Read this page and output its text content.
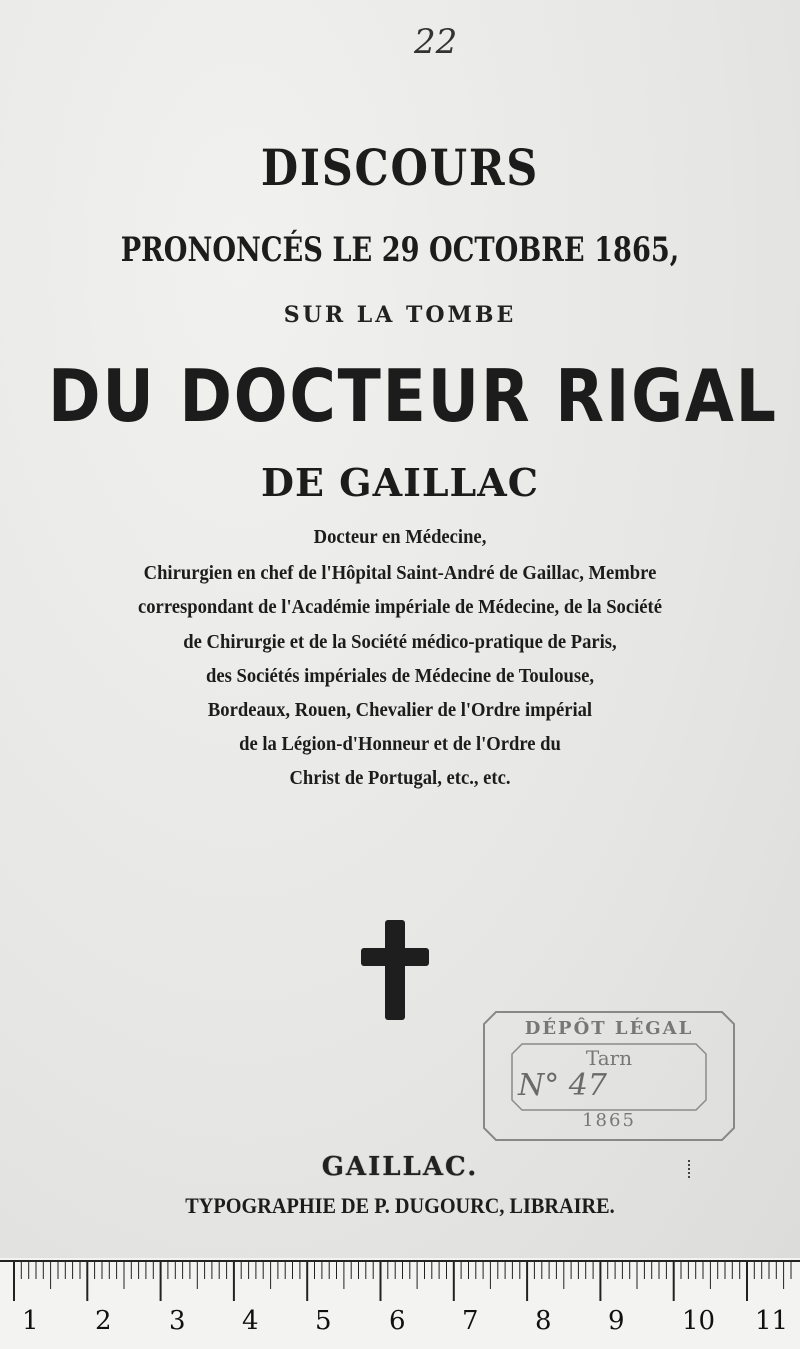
22
DISCOURS
PRONONCÉS LE 29 OCTOBRE 1865,
SUR LA TOMBE
DU DOCTEUR RIGAL
DE GAILLAC
Docteur en Médecine,
Chirurgien en chef de l'Hôpital Saint-André de Gaillac, Membre
correspondant de l'Académie impériale de Médecine, de la Société
de Chirurgie et de la Société médico-pratique de Paris,
des Sociétés impériales de Médecine de Toulouse,
Bordeaux, Rouen, Chevalier de l'Ordre impérial
de la Légion-d'Honneur et de l'Ordre du
Christ de Portugal, etc., etc.
DÉPÔT LÉGAL
Tarn
N° 47
1865
GAILLAC.
TYPOGRAPHIE DE P. DUGOURC, LIBRAIRE.
1 2 3 4 5 6 7 8 9 10 11
